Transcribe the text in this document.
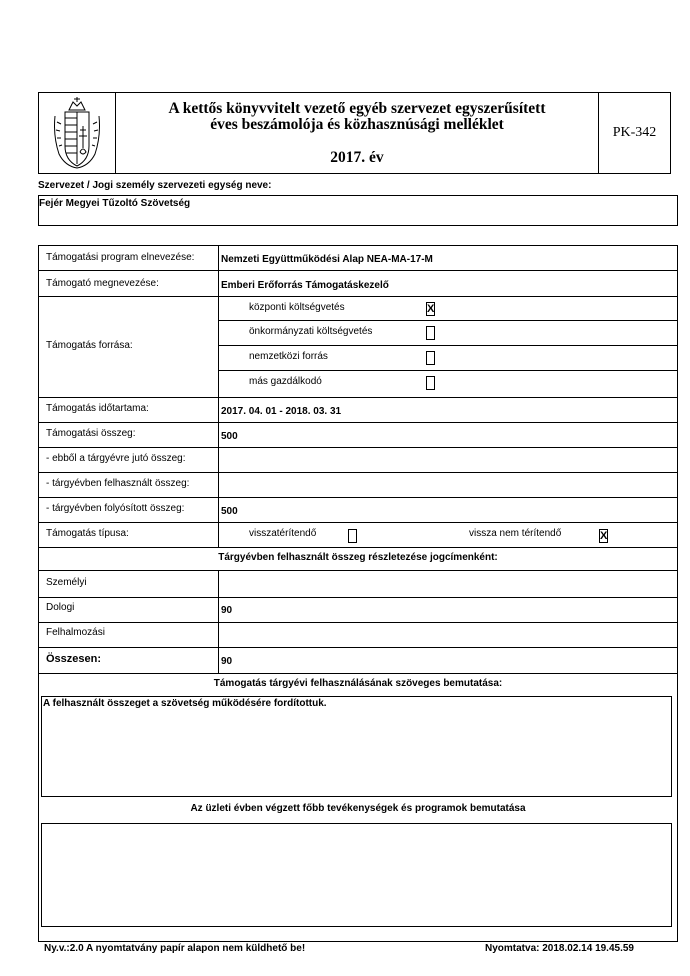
A kettős könyvvitelt vezető egyéb szervezet egyszerűsített
éves beszámolója és közhasznúsági melléklet
2017. év
PK-342
Szervezet / Jogi személy szervezeti egység neve:
Fejér Megyei Tűzoltó Szövetség
Támogatási program elnevezése:	Nemzeti Együttműködési Alap NEA-MA-17-M
Támogató megnevezése:	Emberi Erőforrás Támogatáskezelő
Támogatás forrása:
központi költségvetés	X
önkormányzati költségvetés
nemzetközi forrás
más gazdálkodó
Támogatás időtartama:	2017. 04. 01 - 2018. 03. 31
Támogatási összeg:	500
- ebből a tárgyévre jutó összeg:
- tárgyévben felhasznált összeg:
- tárgyévben folyósított összeg:	500
Támogatás típusa:	visszatérítendő	vissza nem térítendő	X
Tárgyévben felhasznált összeg részletezése jogcímenként:
Személyi
Dologi	90
Felhalmozási
Összesen:	90
Támogatás tárgyévi felhasználásának szöveges bemutatása:
A felhasznált összeget a szövetség működésére fordítottuk.
Az üzleti évben végzett főbb tevékenységek és programok bemutatása
Ny.v.:2.0 A nyomtatvány papír alapon nem küldhető be!	Nyomtatva: 2018.02.14 19.45.59
